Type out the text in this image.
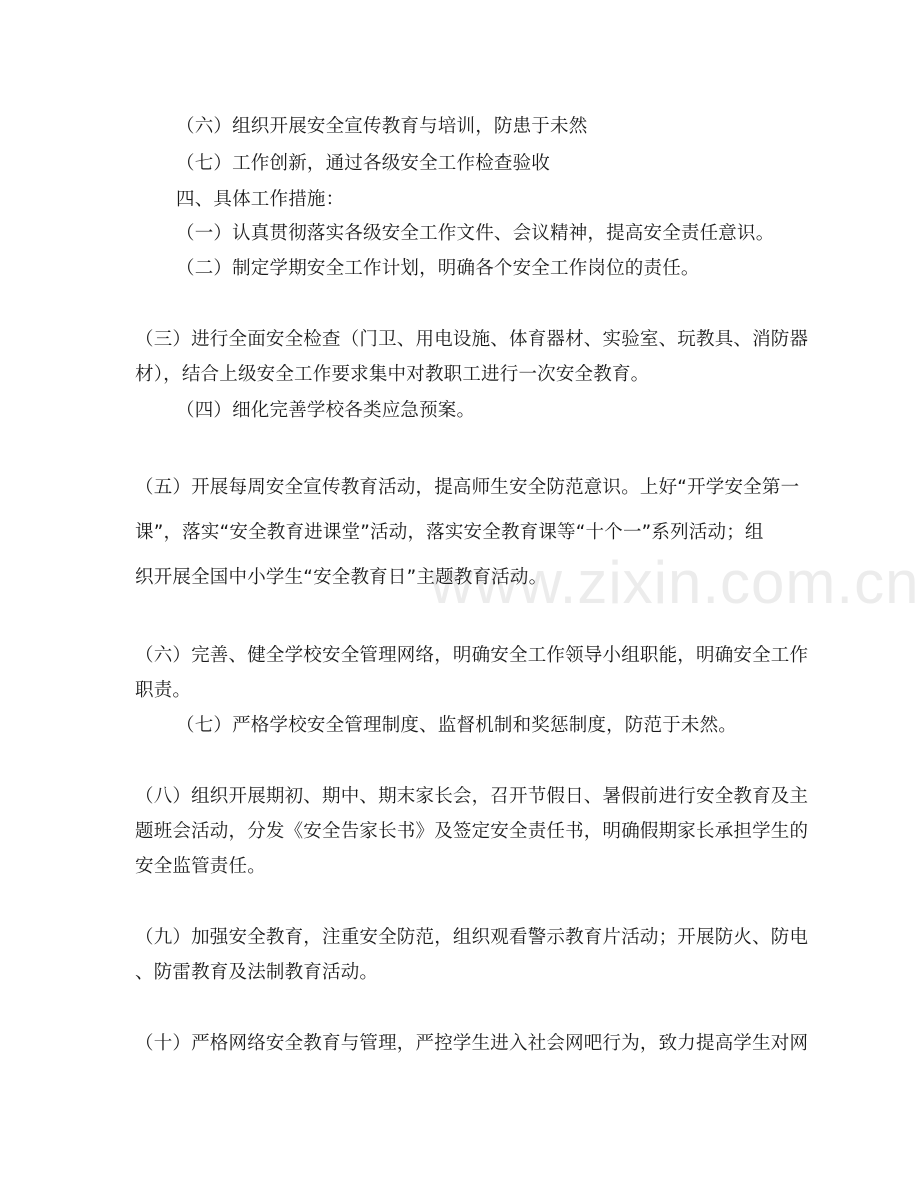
www.zixin.com.cn
（六）组织开展安全宣传教育与培训，防患于未然
（七）工作创新，通过各级安全工作检查验收
四、具体工作措施：
（一）认真贯彻落实各级安全工作文件、会议精神，提高安全责任意识。
（二）制定学期安全工作计划，明确各个安全工作岗位的责任。
（三）进行全面安全检查（门卫、用电设施、体育器材、实验室、玩教具、消防器
材），结合上级安全工作要求集中对教职工进行一次安全教育。
（四）细化完善学校各类应急预案。
（五）开展每周安全宣传教育活动，提高师生安全防范意识。上好“开学安全第一
课”，落实“安全教育进课堂”活动，落实安全教育课等“十个一”系列活动；组
织开展全国中小学生“安全教育日”主题教育活动。
（六）完善、健全学校安全管理网络，明确安全工作领导小组职能，明确安全工作
职责。
（七）严格学校安全管理制度、监督机制和奖惩制度，防范于未然。
（八）组织开展期初、期中、期末家长会，召开节假日、暑假前进行安全教育及主
题班会活动，分发《安全告家长书》及签定安全责任书，明确假期家长承担学生的
安全监管责任。
（九）加强安全教育，注重安全防范，组织观看警示教育片活动；开展防火、防电
、防雷教育及法制教育活动。
（十）严格网络安全教育与管理，严控学生进入社会网吧行为，致力提高学生对网
